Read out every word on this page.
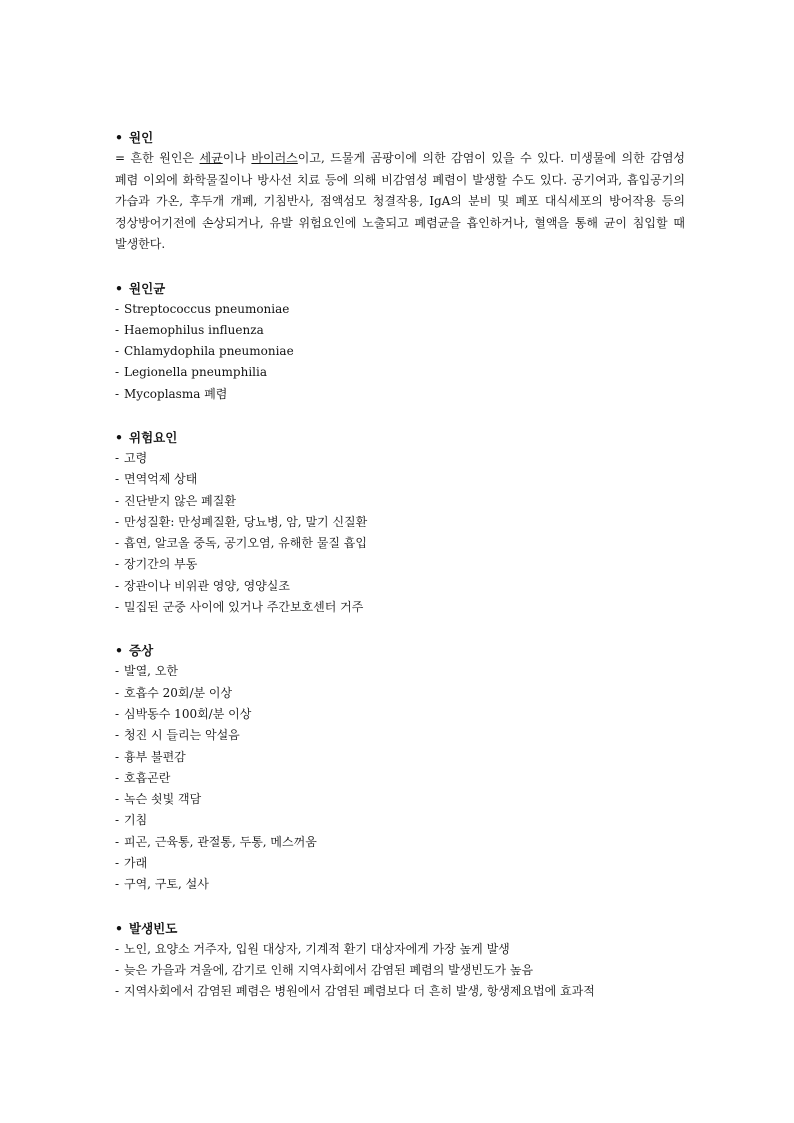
• 원인

= 흔한 원인은 세균이나 바이러스이고, 드물게 곰팡이에 의한 감염이 있을 수 있다. 미생물에 의한 감염성 폐렴 이외에 화학물질이나 방사선 치료 등에 의해 비감염성 폐렴이 발생할 수도 있다. 공기여과, 흡입공기의 가습과 가온, 후두개 개폐, 기침반사, 점액섬모 청결작용, IgA의 분비 및 폐포 대식세포의 방어작용 등의 정상방어기전에 손상되거나, 유발 위험요인에 노출되고 폐렴균을 흡인하거나, 혈액을 통해 균이 침입할 때 발생한다.

• 원인균
- Streptococcus pneumoniae
- Haemophilus influenza
- Chlamydophila pneumoniae
- Legionella pneumphilia
- Mycoplasma 폐렴
• 위험요인
- 고령
- 면역억제 상태
- 진단받지 않은 폐질환
- 만성질환: 만성폐질환, 당뇨병, 암, 말기 신질환
- 흡연, 알코올 중독, 공기오염, 유해한 물질 흡입
- 장기간의 부동
- 장관이나 비위관 영양, 영양실조
- 밀집된 군중 사이에 있거나 주간보호센터 거주
• 증상
- 발열, 오한
- 호흡수 20회/분 이상
- 심박동수 100회/분 이상
- 청진 시 들리는 악설음
- 흉부 불편감
- 호흡곤란
- 녹슨 쇳빛 객담
- 기침
- 피곤, 근육통, 관절통, 두통, 메스꺼움
- 가래
- 구역, 구토, 설사
• 발생빈도
- 노인, 요양소 거주자, 입원 대상자, 기계적 환기 대상자에게 가장 높게 발생
- 늦은 가을과 겨울에, 감기로 인해 지역사회에서 감염된 폐렴의 발생빈도가 높음
- 지역사회에서 감염된 폐렴은 병원에서 감염된 폐렴보다 더 흔히 발생, 항생제요법에 효과적
